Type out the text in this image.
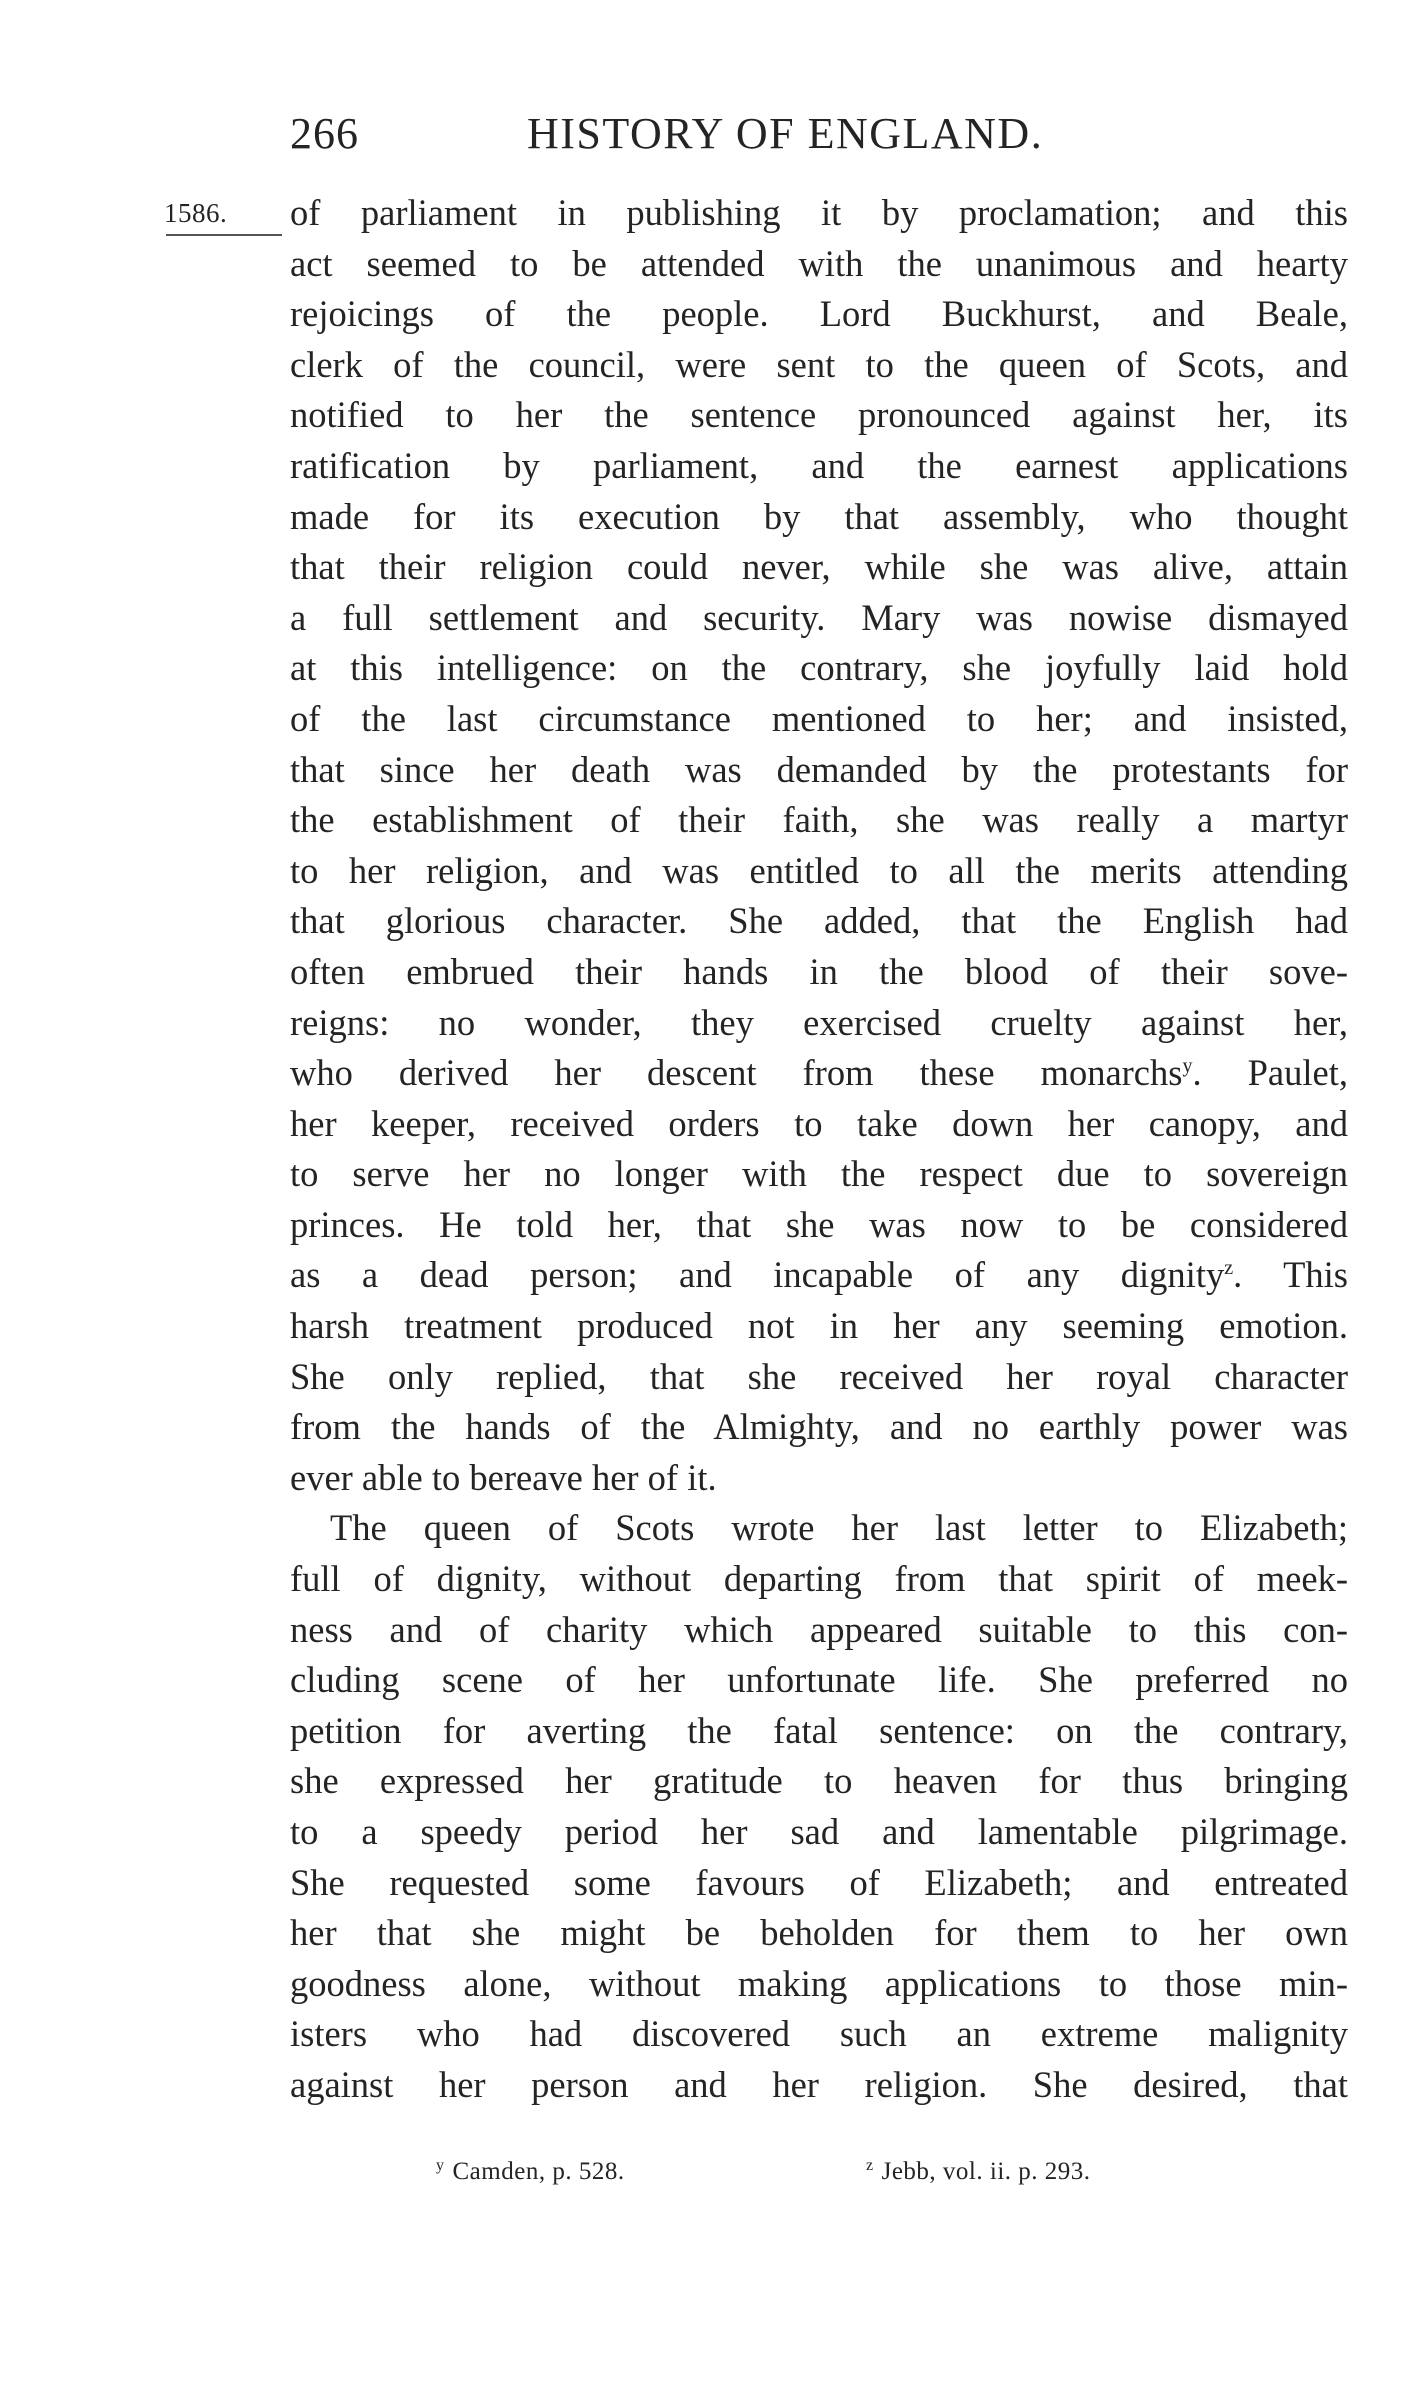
266	HISTORY OF ENGLAND.
1586. of parliament in publishing it by proclamation; and this
act seemed to be attended with the unanimous and hearty
rejoicings of the people. Lord Buckhurst, and Beale,
clerk of the council, were sent to the queen of Scots, and
notified to her the sentence pronounced against her, its
ratification by parliament, and the earnest applications
made for its execution by that assembly, who thought
that their religion could never, while she was alive, attain
a full settlement and security. Mary was nowise dismayed
at this intelligence: on the contrary, she joyfully laid hold
of the last circumstance mentioned to her; and insisted,
that since her death was demanded by the protestants for
the establishment of their faith, she was really a martyr
to her religion, and was entitled to all the merits attending
that glorious character. She added, that the English had
often embrued their hands in the blood of their sove-
reigns: no wonder, they exercised cruelty against her,
who derived her descent from these monarchs$^y$. Paulet,
her keeper, received orders to take down her canopy, and
to serve her no longer with the respect due to sovereign
princes. He told her, that she was now to be considered
as a dead person; and incapable of any dignity$^z$. This
harsh treatment produced not in her any seeming emotion.
She only replied, that she received her royal character
from the hands of the Almighty, and no earthly power was
ever able to bereave her of it.
The queen of Scots wrote her last letter to Elizabeth;
full of dignity, without departing from that spirit of meek-
ness and of charity which appeared suitable to this con-
cluding scene of her unfortunate life. She preferred no
petition for averting the fatal sentence: on the contrary,
she expressed her gratitude to heaven for thus bringing
to a speedy period her sad and lamentable pilgrimage.
She requested some favours of Elizabeth; and entreated
her that she might be beholden for them to her own
goodness alone, without making applications to those min-
isters who had discovered such an extreme malignity
against her person and her religion. She desired, that
$^y$ Camden, p. 528.	$^z$ Jebb, vol. ii. p. 293.
